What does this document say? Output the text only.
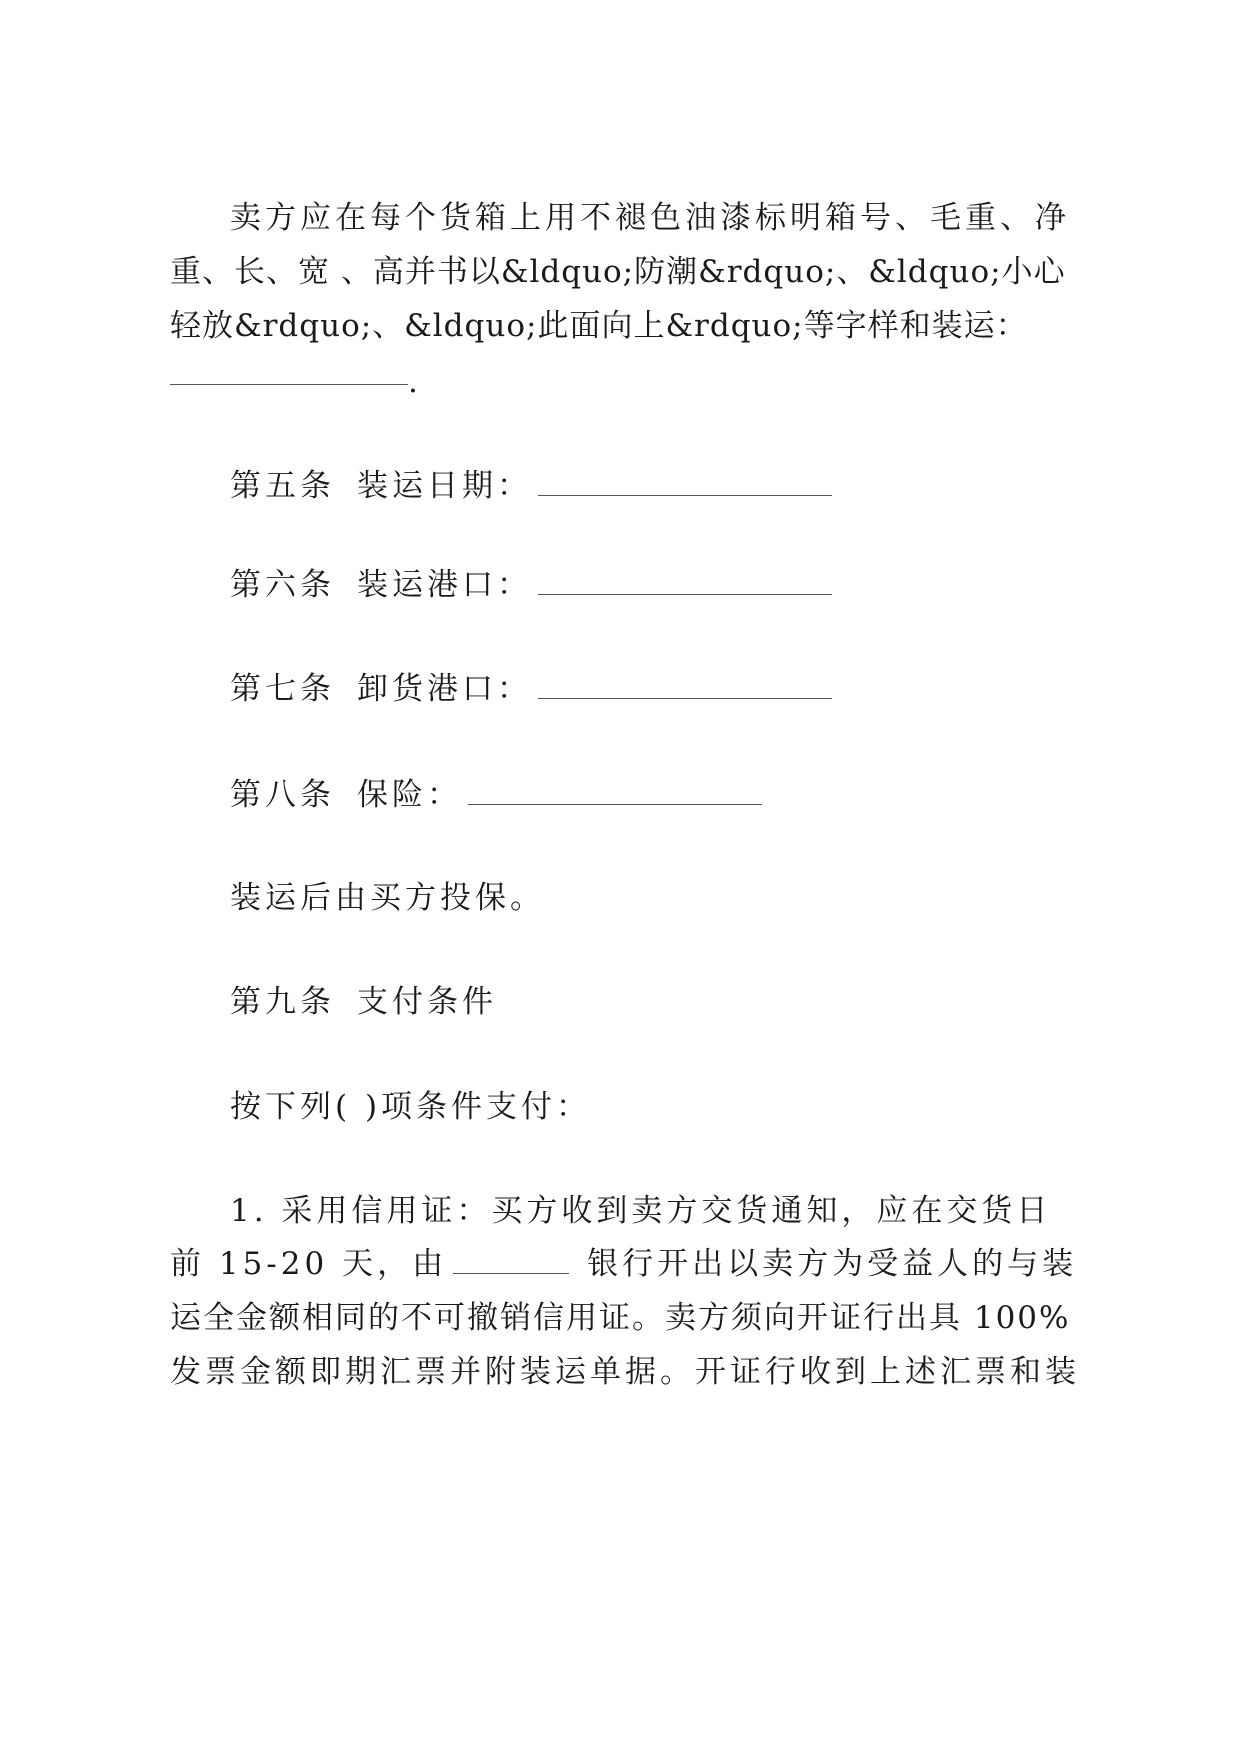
卖方应在每个货箱上用不褪色油漆标明箱号、毛重、净
重、长、宽 、高并书以&ldquo;防潮&rdquo;、&ldquo;小心
轻放&rdquo;、&ldquo;此面向上&rdquo;等字样和装运：
.
第五条 装运日期：
第六条 装运港口：
第七条 卸货港口：
第八条 保险：
装运后由买方投保。
第九条 支付条件
按下列( )项条件支付：
1. 采用信用证：买方收到卖方交货通知，应在交货日
前 15-20 天，由	银行开出以卖方为受益人的与装
运全金额相同的不可撤销信用证。卖方须向开证行出具 100%
发票金额即期汇票并附装运单据。开证行收到上述汇票和装
